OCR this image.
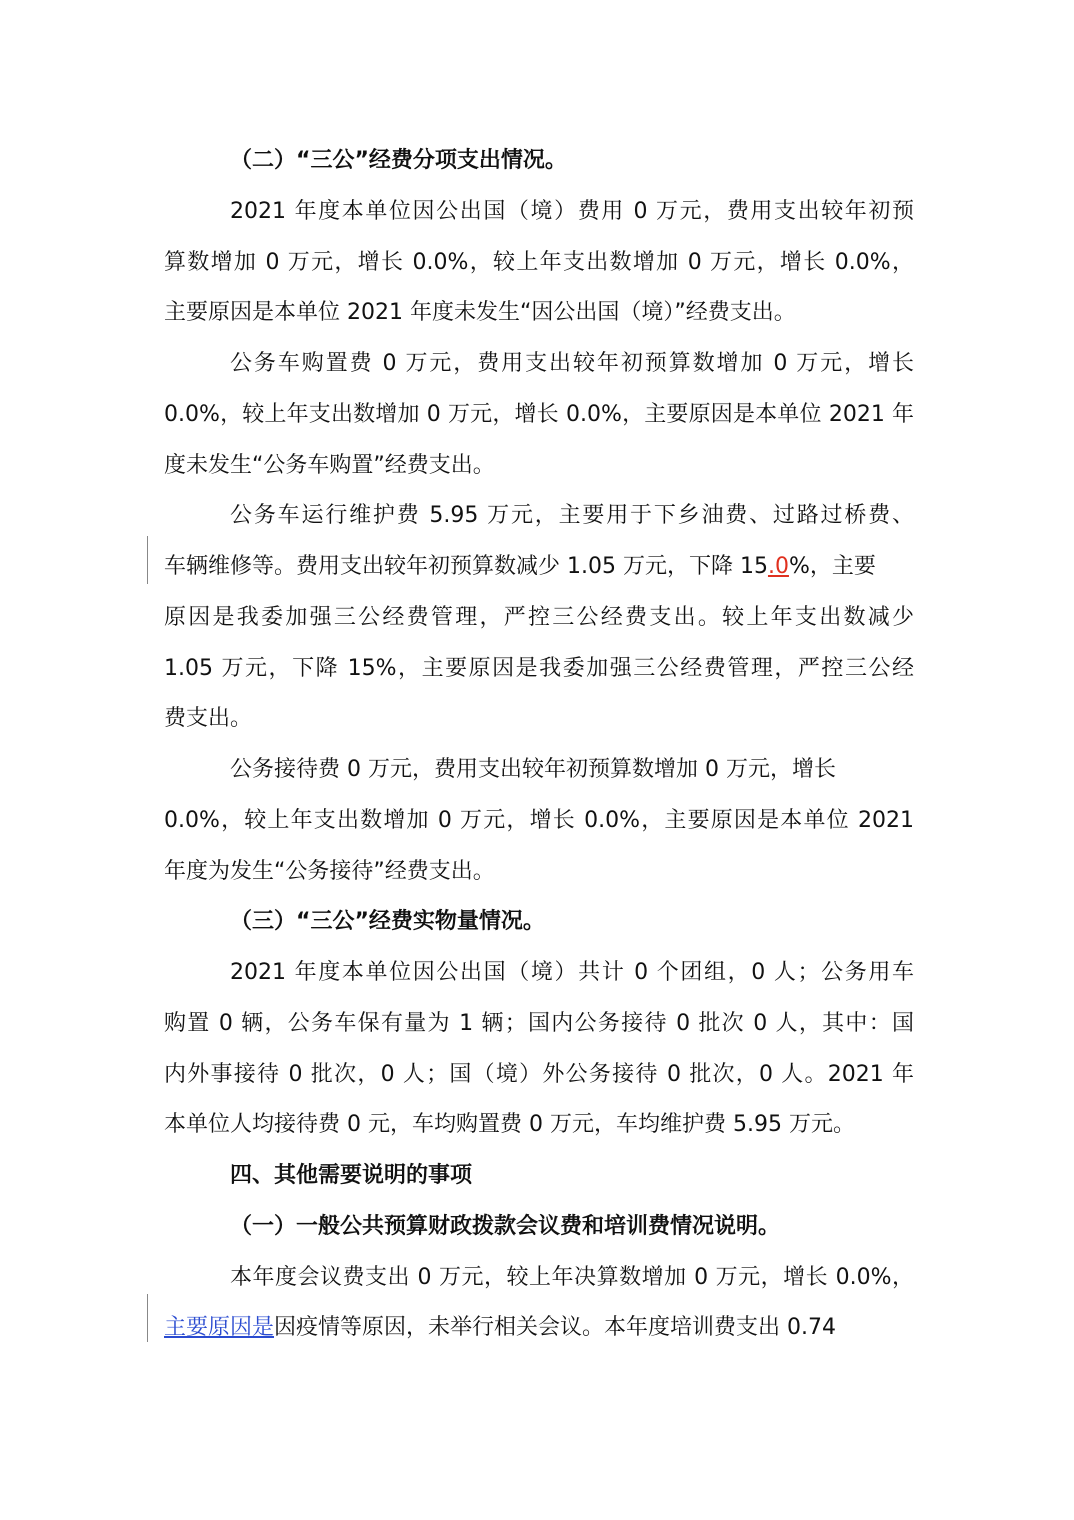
（二）“三公”经费分项支出情况。
2021 年度本单位因公出国（境）费用 0 万元，费用支出较年初预
算数增加 0 万元，增长 0.0%，较上年支出数增加 0 万元，增长 0.0%，
主要原因是本单位 2021 年度未发生“因公出国（境）”经费支出。
公务车购置费 0 万元，费用支出较年初预算数增加 0 万元，增长
0.0%，较上年支出数增加 0 万元，增长 0.0%，主要原因是本单位 2021 年
度未发生“公务车购置”经费支出。
公务车运行维护费 5.95 万元，主要用于下乡油费、过路过桥费、
车辆维修等。费用支出较年初预算数减少 1.05 万元，下降 15.0%，主要
原因是我委加强三公经费管理，严控三公经费支出。较上年支出数减少
1.05 万元，下降 15%，主要原因是我委加强三公经费管理，严控三公经
费支出。
公务接待费 0 万元，费用支出较年初预算数增加 0 万元，增长
0.0%，较上年支出数增加 0 万元，增长 0.0%，主要原因是本单位 2021
年度为发生“公务接待”经费支出。
（三）“三公”经费实物量情况。
2021 年度本单位因公出国（境）共计 0 个团组，0 人；公务用车
购置 0 辆，公务车保有量为 1 辆；国内公务接待 0 批次 0 人，其中：国
内外事接待 0 批次，0 人；国（境）外公务接待 0 批次，0 人。2021 年
本单位人均接待费 0 元，车均购置费 0 万元，车均维护费 5.95 万元。
四、其他需要说明的事项
（一）一般公共预算财政拨款会议费和培训费情况说明。
本年度会议费支出 0 万元，较上年决算数增加 0 万元，增长 0.0%，
主要原因是因疫情等原因，未举行相关会议。本年度培训费支出 0.74
